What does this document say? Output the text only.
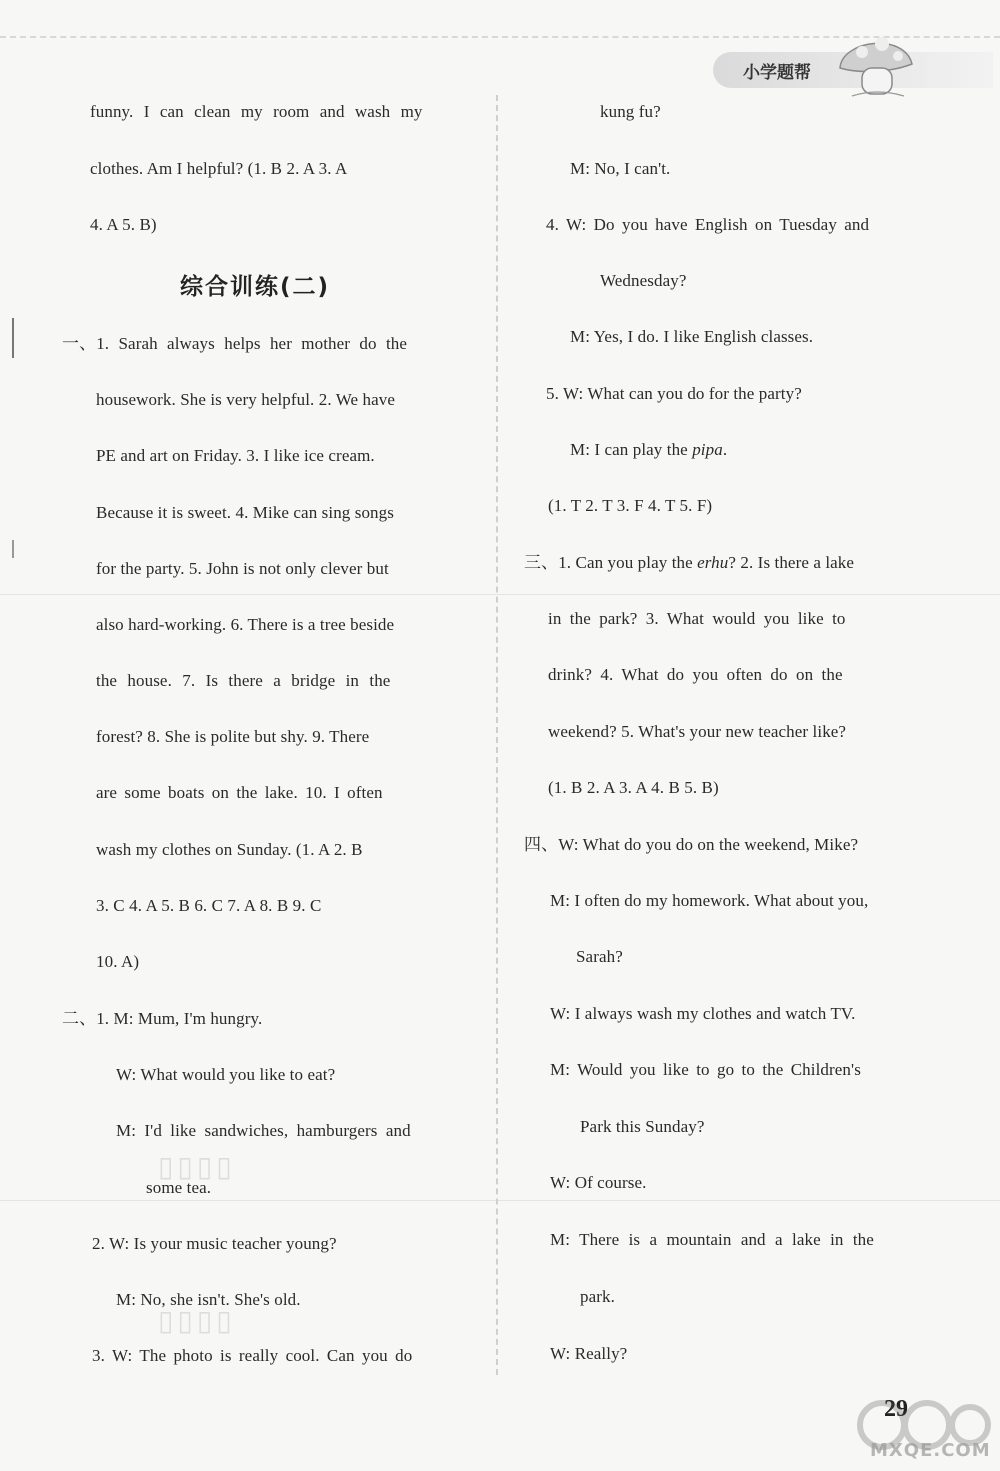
小学题帮
funny. I can clean my room and wash my
clothes. Am I helpful? (1. B 2. A 3. A
4. A 5. B)
综合训练(二)
一、1. Sarah always helps her mother do the
housework. She is very helpful. 2. We have
PE and art on Friday. 3. I like ice cream.
Because it is sweet. 4. Mike can sing songs
for the party. 5. John is not only clever but
also hard-working. 6. There is a tree beside
the house. 7. Is there a bridge in the
forest? 8. She is polite but shy. 9. There
are some boats on the lake. 10. I often
wash my clothes on Sunday. (1. A 2. B
3. C 4. A 5. B 6. C 7. A 8. B 9. C
10. A)
二、1. M: Mum, I'm hungry.
W: What would you like to eat?
M: I'd like sandwiches, hamburgers and
some tea.
▯▯▯▯
2. W: Is your music teacher young?
M: No, she isn't. She's old.
▯▯▯▯
3. W: The photo is really cool. Can you do
kung fu?
M: No, I can't.
4. W: Do you have English on Tuesday and
Wednesday?
M: Yes, I do. I like English classes.
5. W: What can you do for the party?
M: I can play the pipa.
(1. T 2. T 3. F 4. T 5. F)
三、1. Can you play the erhu? 2. Is there a lake
in the park? 3. What would you like to
drink? 4. What do you often do on the
weekend? 5. What's your new teacher like?
(1. B 2. A 3. A 4. B 5. B)
四、W: What do you do on the weekend, Mike?
M: I often do my homework. What about you,
Sarah?
W: I always wash my clothes and watch TV.
M: Would you like to go to the Children's
Park this Sunday?
W: Of course.
M: There is a mountain and a lake in the
park.
W: Really?
29
MXQE.COM
